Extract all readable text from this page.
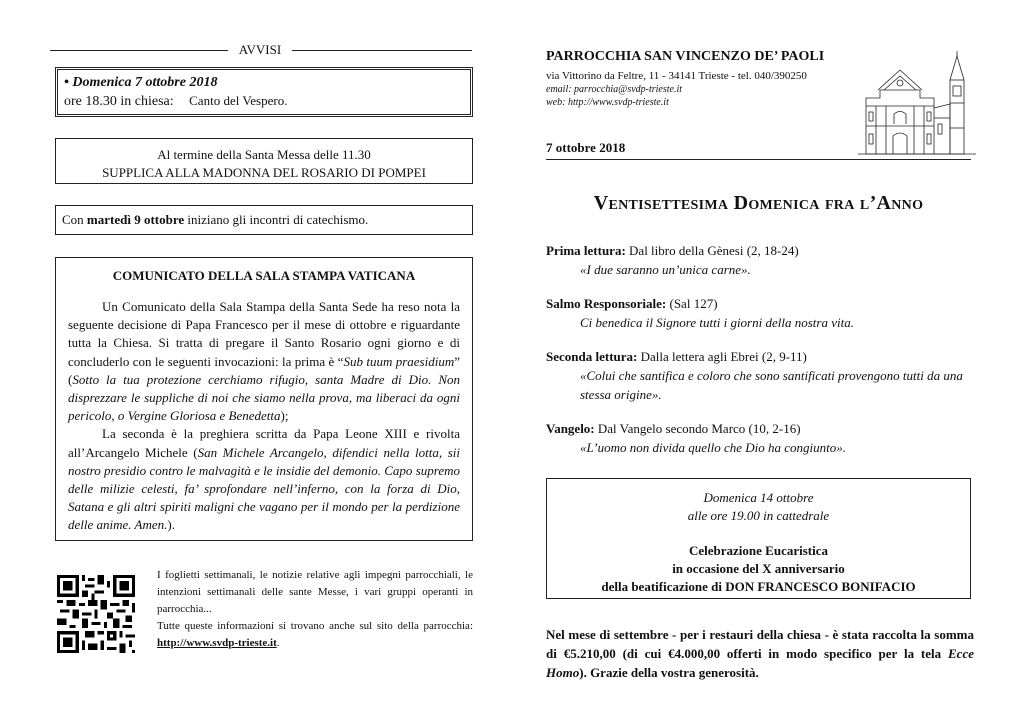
AVVISI

• Domenica 7 ottobre 2018

ore 18.30 in chiesa: Canto del Vespero.

Al termine della Santa Messa delle 11.30

SUPPLICA ALLA MADONNA DEL ROSARIO DI POMPEI

Con martedì 9 ottobre iniziano gli incontri di catechismo.

COMUNICATO DELLA SALA STAMPA VATICANA

Un Comunicato della Sala Stampa della Santa Sede ha reso nota la seguente decisione di Papa Francesco per il mese di ottobre e riguardante tutta la Chiesa. Si tratta di pregare il Santo Rosario ogni giorno e di concluderlo con le seguenti invocazioni: la prima è “Sub tuum praesidium” (Sotto la tua protezione cerchiamo rifugio, santa Madre di Dio. Non disprezzare le suppliche di noi che siamo nella prova, ma liberaci da ogni pericolo, o Vergine Gloriosa e Benedetta);

La seconda è la preghiera scritta da Papa Leone XIII e rivolta all’Arcangelo Michele (San Michele Arcangelo, difendici nella lotta, sii nostro presidio contro le malvagità e le insidie del demonio. Capo supremo delle milizie celesti, fa’ sprofondare nell’inferno, con la forza di Dio, Satana e gli altri spiriti maligni che vagano per il mondo per la perdizione delle anime. Amen.).

I foglietti settimanali, le notizie relative agli impegni parrocchiali, le intenzioni settimanali delle sante Messe, i vari gruppi operanti in parrocchia...

Tutte queste informazioni si trovano anche sul sito della parrocchia: http://www.svdp-trieste.it.

PARROCCHIA SAN VINCENZO DE’ PAOLI
via Vittorino da Feltre, 11 - 34141 Trieste - tel. 040/390250
email: parrocchia@svdp-trieste.it
web: http://www.svdp-trieste.it
7 ottobre 2018
Ventisettesima Domenica fra l’Anno

Prima lettura: Dal libro della Gènesi (2, 18-24)

«I due saranno un’unica carne».

Salmo Responsoriale: (Sal 127)

Ci benedica il Signore tutti i giorni della nostra vita.

Seconda lettura: Dalla lettera agli Ebrei (2, 9-11)

«Colui che santifica e coloro che sono santificati provengono tutti da una stessa origine».

Vangelo: Dal Vangelo secondo Marco (10, 2-16)

«L’uomo non divida quello che Dio ha congiunto».

Domenica 14 ottobre

alle ore 19.00 in cattedrale

Celebrazione Eucaristica

in occasione del X anniversario

della beatificazione di DON FRANCESCO BONIFACIO

Nel mese di settembre - per i restauri della chiesa - è stata raccolta la somma di €5.210,00 (di cui €4.000,00 offerti in modo specifico per la tela Ecce Homo). Grazie della vostra generosità.
